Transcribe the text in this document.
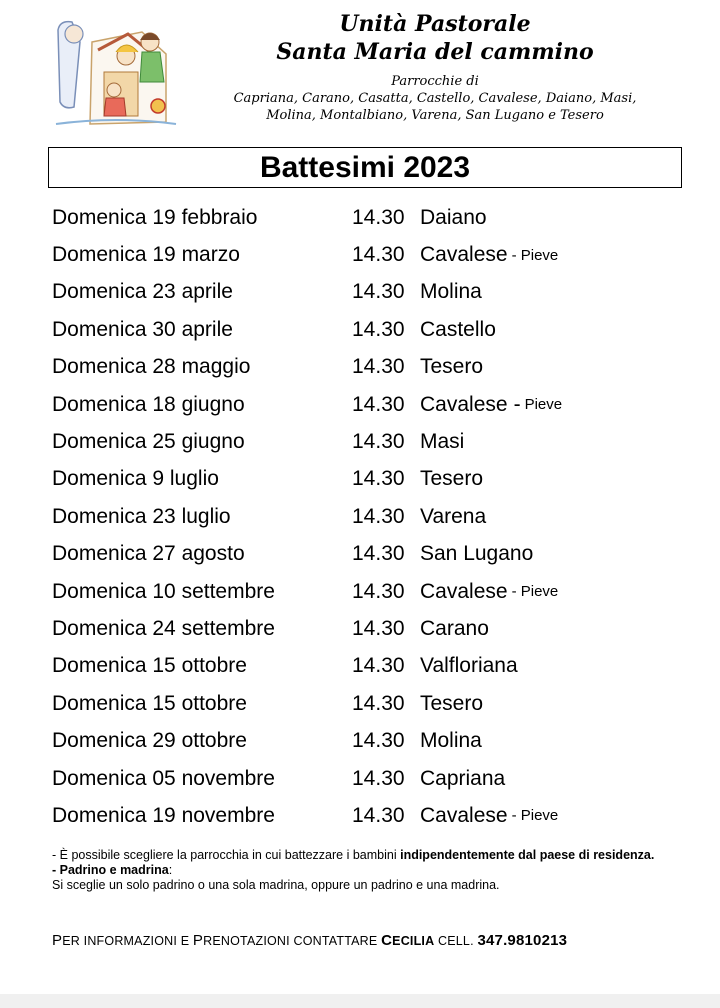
Unità Pastorale
Santa Maria del cammino
Parrocchie di
Capriana, Carano, Casatta, Castello, Cavalese, Daiano, Masi,
Molina, Montalbiano, Varena, San Lugano e Tesero
Battesimi 2023
Domenica 19 febbraio	14.30 Daiano
Domenica 19 marzo	14.30 Cavalese - Pieve
Domenica 23 aprile	14.30 Molina
Domenica 30 aprile	14.30 Castello
Domenica 28 maggio	14.30 Tesero
Domenica 18 giugno	14.30 Cavalese - Pieve
Domenica 25 giugno	14.30 Masi
Domenica 9 luglio	14.30 Tesero
Domenica 23 luglio	14.30 Varena
Domenica 27 agosto	14.30 San Lugano
Domenica 10 settembre	14.30 Cavalese - Pieve
Domenica 24 settembre	14.30 Carano
Domenica 15 ottobre	14.30 Valfloriana
Domenica 15 ottobre	14.30 Tesero
Domenica 29 ottobre	14.30 Molina
Domenica 05 novembre	14.30 Capriana
Domenica 19 novembre	14.30 Cavalese - Pieve
- È possibile scegliere la parrocchia in cui battezzare i bambini indipendentemente dal paese di residenza.
- Padrino e madrina:
Si sceglie un solo padrino o una sola madrina, oppure un padrino e una madrina.
PER INFORMAZIONI E PRENOTAZIONI CONTATTARE CECILIA CELL. 347.9810213
